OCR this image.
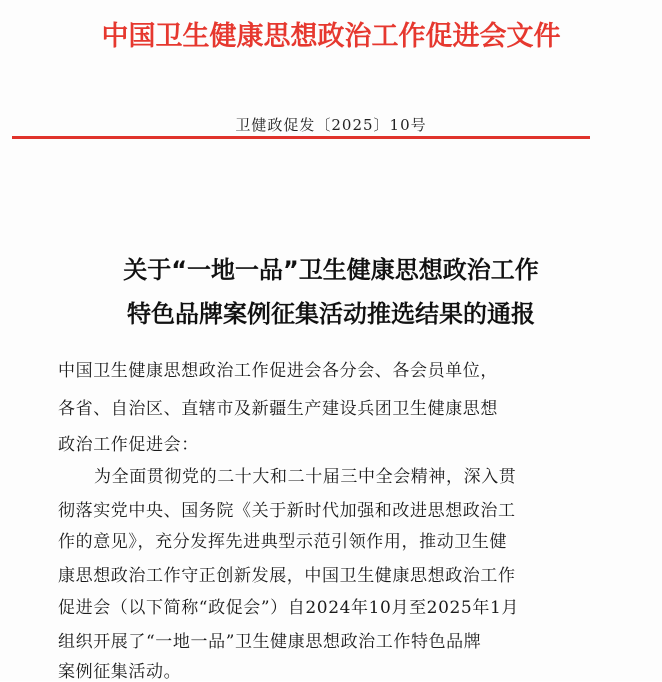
中国卫生健康思想政治工作促进会文件
卫健政促发〔2025〕10号
关于“一地一品”卫生健康思想政治工作
特色品牌案例征集活动推选结果的通报
中国卫生健康思想政治工作促进会各分会、各会员单位，
各省、自治区、直辖市及新疆生产建设兵团卫生健康思想
政治工作促进会：
为全面贯彻党的二十大和二十届三中全会精神，深入贯
彻落实党中央、国务院《关于新时代加强和改进思想政治工
作的意见》，充分发挥先进典型示范引领作用，推动卫生健
康思想政治工作守正创新发展，中国卫生健康思想政治工作
促进会（以下简称“政促会”）自2024年10月至2025年1月
组织开展了“一地一品”卫生健康思想政治工作特色品牌
案例征集活动。
